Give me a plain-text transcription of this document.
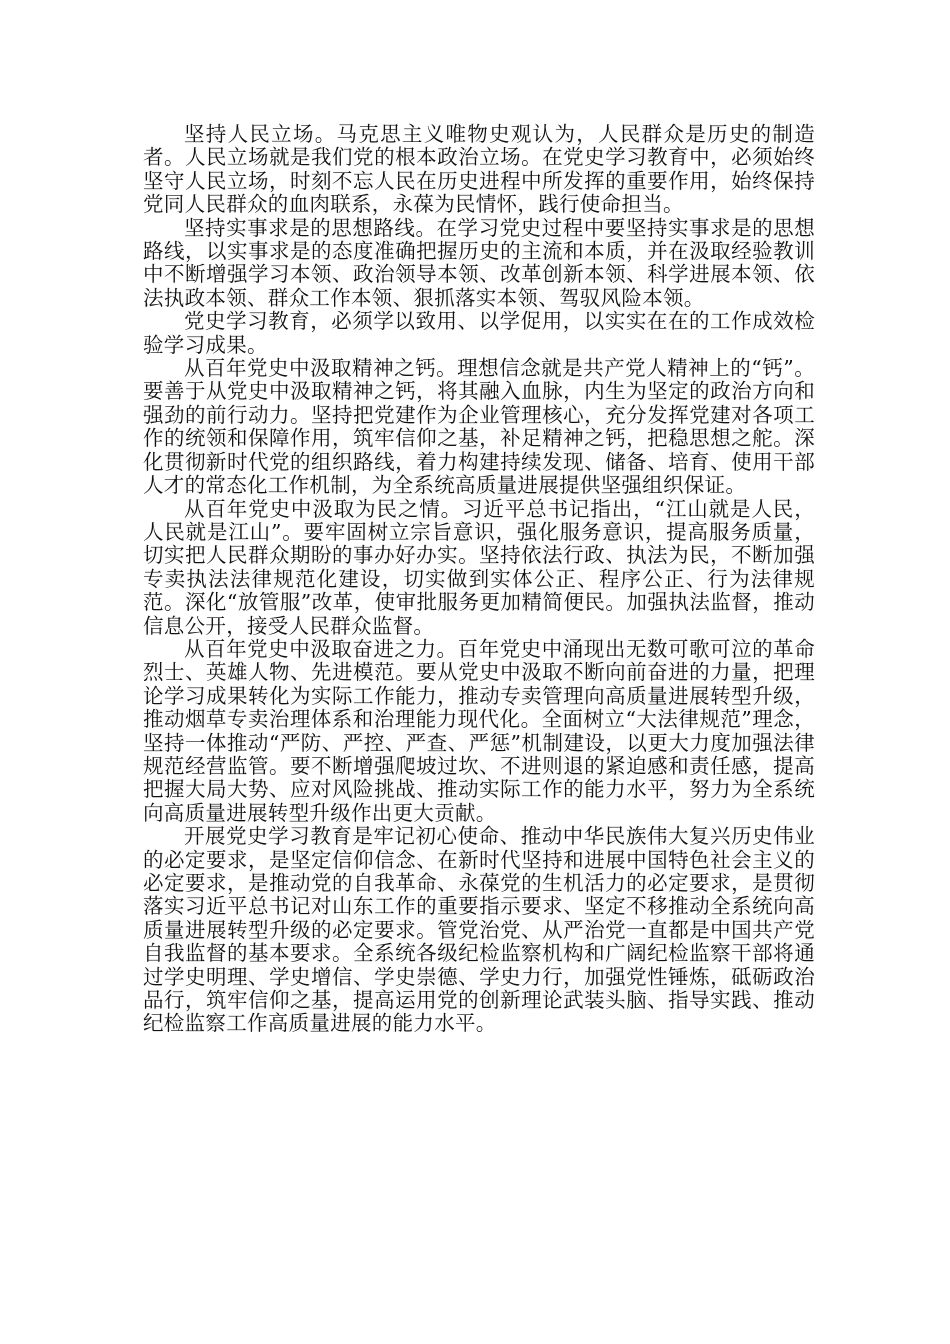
坚持人民立场。马克思主义唯物史观认为，人民群众是历史的制造者。人民立场就是我们党的根本政治立场。在党史学习教育中，必须始终坚守人民立场，时刻不忘人民在历史进程中所发挥的重要作用，始终保持党同人民群众的血肉联系，永葆为民情怀，践行使命担当。

坚持实事求是的思想路线。在学习党史过程中要坚持实事求是的思想路线，以实事求是的态度准确把握历史的主流和本质，并在汲取经验教训中不断增强学习本领、政治领导本领、改革创新本领、科学进展本领、依法执政本领、群众工作本领、狠抓落实本领、驾驭风险本领。

党史学习教育，必须学以致用、以学促用，以实实在在的工作成效检验学习成果。

从百年党史中汲取精神之钙。理想信念就是共产党人精神上的“钙”。要善于从党史中汲取精神之钙，将其融入血脉，内生为坚定的政治方向和强劲的前行动力。坚持把党建作为企业管理核心，充分发挥党建对各项工作的统领和保障作用，筑牢信仰之基，补足精神之钙，把稳思想之舵。深化贯彻新时代党的组织路线，着力构建持续发现、储备、培育、使用干部人才的常态化工作机制，为全系统高质量进展提供坚强组织保证。

从百年党史中汲取为民之情。习近平总书记指出，“江山就是人民，人民就是江山”。要牢固树立宗旨意识，强化服务意识，提高服务质量，切实把人民群众期盼的事办好办实。坚持依法行政、执法为民，不断加强专卖执法法律规范化建设，切实做到实体公正、程序公正、行为法律规范。深化“放管服”改革，使审批服务更加精简便民。加强执法监督，推动信息公开，接受人民群众监督。

从百年党史中汲取奋进之力。百年党史中涌现出无数可歌可泣的革命烈士、英雄人物、先进模范。要从党史中汲取不断向前奋进的力量，把理论学习成果转化为实际工作能力，推动专卖管理向高质量进展转型升级，推动烟草专卖治理体系和治理能力现代化。全面树立“大法律规范”理念，坚持一体推动“严防、严控、严查、严惩”机制建设，以更大力度加强法律规范经营监管。要不断增强爬坡过坎、不进则退的紧迫感和责任感，提高把握大局大势、应对风险挑战、推动实际工作的能力水平，努力为全系统向高质量进展转型升级作出更大贡献。

开展党史学习教育是牢记初心使命、推动中华民族伟大复兴历史伟业的必定要求，是坚定信仰信念、在新时代坚持和进展中国特色社会主义的必定要求，是推动党的自我革命、永葆党的生机活力的必定要求，是贯彻落实习近平总书记对山东工作的重要指示要求、坚定不移推动全系统向高质量进展转型升级的必定要求。管党治党、从严治党一直都是中国共产党自我监督的基本要求。全系统各级纪检监察机构和广阔纪检监察干部将通过学史明理、学史增信、学史崇德、学史力行，加强党性锤炼，砥砺政治品行，筑牢信仰之基，提高运用党的创新理论武装头脑、指导实践、推动纪检监察工作高质量进展的能力水平。
